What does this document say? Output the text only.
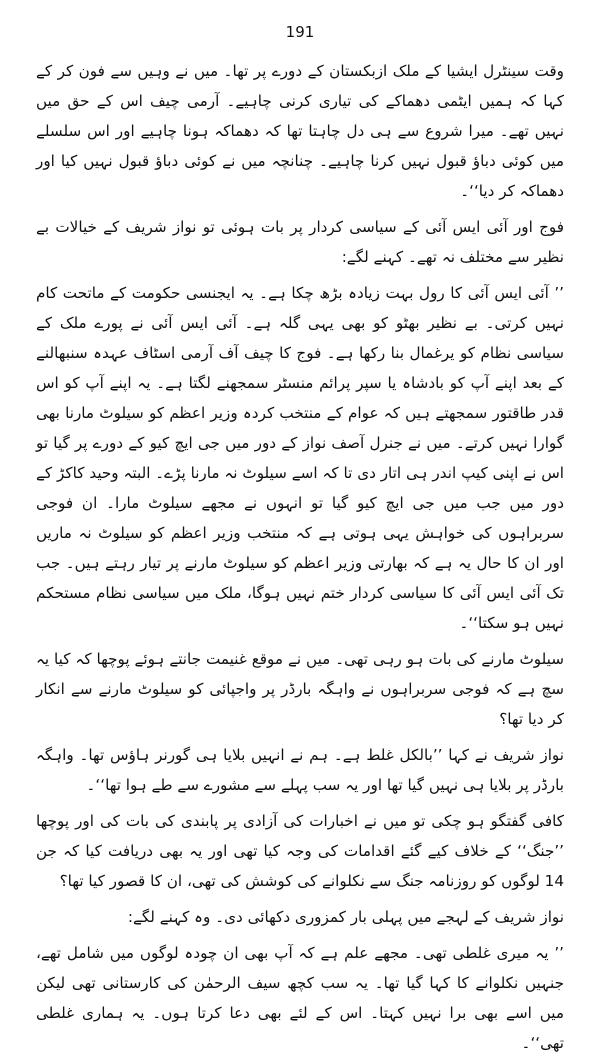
191

وقت سینٹرل ایشیا کے ملک ازبکستان کے دورے پر تھا۔ میں نے وہیں سے فون کر کے کہا کہ ہمیں ایٹمی دھماکے کی تیاری کرنی چاہیے۔ آرمی چیف اس کے حق میں نہیں تھے۔ میرا شروع سے ہی دل چاہتا تھا کہ دھماکہ ہونا چاہیے اور اس سلسلے میں کوئی دباؤ قبول نہیں کرنا چاہیے۔ چنانچہ میں نے کوئی دباؤ قبول نہیں کیا اور دھماکہ کر دیا‘‘۔

فوج اور آئی ایس آئی کے سیاسی کردار پر بات ہوئی تو نواز شریف کے خیالات بے نظیر سے مختلف نہ تھے۔ کہنے لگے:

’’ آئی ایس آئی کا رول بہت زیادہ بڑھ چکا ہے۔ یہ ایجنسی حکومت کے ماتحت کام نہیں کرتی۔ بے نظیر بھٹو کو بھی یہی گلہ ہے۔ آئی ایس آئی نے پورے ملک کے سیاسی نظام کو یرغمال بنا رکھا ہے۔ فوج کا چیف آف آرمی اسٹاف عہدہ سنبھالنے کے بعد اپنے آپ کو بادشاہ یا سپر پرائم منسٹر سمجھنے لگتا ہے۔ یہ اپنے آپ کو اس قدر طاقتور سمجھتے ہیں کہ عوام کے منتخب کردہ وزیر اعظم کو سیلوٹ مارنا بھی گوارا نہیں کرتے۔ میں نے جنرل آصف نواز کے دور میں جی ایچ کیو کے دورے پر گیا تو اس نے اپنی کیپ اندر ہی اتار دی تا کہ اسے سیلوٹ نہ مارنا پڑے۔ البتہ وحید کاکڑ کے دور میں جب میں جی ایچ کیو گیا تو انہوں نے مجھے سیلوٹ مارا۔ ان فوجی سربراہوں کی خواہش یہی ہوتی ہے کہ منتخب وزیر اعظم کو سیلوٹ نہ ماریں اور ان کا حال یہ ہے کہ بھارتی وزیر اعظم کو سیلوٹ مارنے پر تیار رہتے ہیں۔ جب تک آئی ایس آئی کا سیاسی کردار ختم نہیں ہوگا، ملک میں سیاسی نظام مستحکم نہیں ہو سکتا‘‘۔

سیلوٹ مارنے کی بات ہو رہی تھی۔ میں نے موقع غنیمت جانتے ہوئے پوچھا کہ کیا یہ سچ ہے کہ فوجی سربراہوں نے واہگہ بارڈر پر واجپائی کو سیلوٹ مارنے سے انکار کر دیا تھا؟

نواز شریف نے کہا ’’بالکل غلط ہے۔ ہم نے انہیں بلایا ہی گورنر ہاؤس تھا۔ واہگہ بارڈر پر بلایا ہی نہیں گیا تھا اور یہ سب پہلے سے مشورے سے طے ہوا تھا‘‘۔

کافی گفتگو ہو چکی تو میں نے اخبارات کی آزادی پر پابندی کی بات کی اور پوچھا ’’جنگ‘‘ کے خلاف کیے گئے اقدامات کی وجہ کیا تھی اور یہ بھی دریافت کیا کہ جن 14 لوگوں کو روزنامہ جنگ سے نکلوانے کی کوشش کی تھی، ان کا قصور کیا تھا؟

نواز شریف کے لہجے میں پہلی بار کمزوری دکھائی دی۔ وہ کہنے لگے:

’’ یہ میری غلطی تھی۔ مجھے علم ہے کہ آپ بھی ان چودہ لوگوں میں شامل تھے، جنہیں نکلوانے کا کہا گیا تھا۔ یہ سب کچھ سیف الرحمٰن کی کارستانی تھی لیکن میں اسے بھی برا نہیں کہتا۔ اس کے لئے بھی دعا کرتا ہوں۔ یہ ہماری غلطی تھی‘‘۔
